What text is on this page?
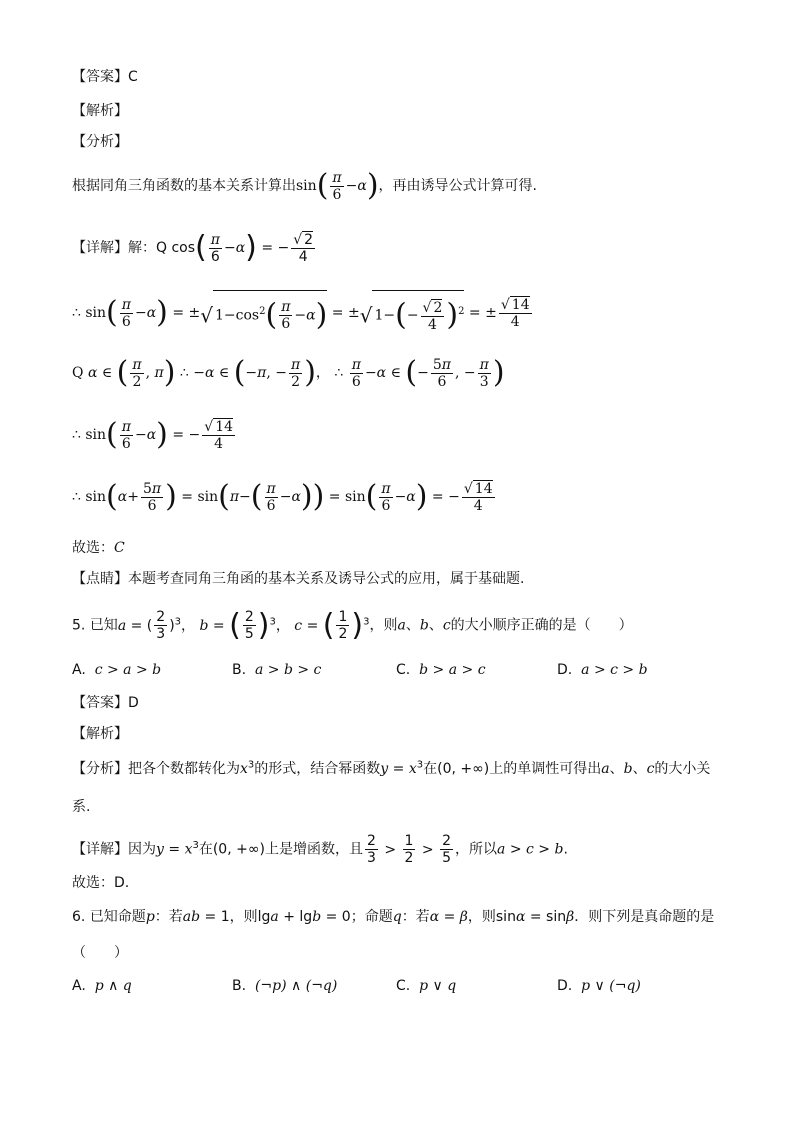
【答案】C
【解析】
【分析】
根据同角三角函数的基本关系计算出$\sin( \frac{\pi}{6} -\alpha)$，再由诱导公式计算可得.
【详解】解：Q $\cos( \frac{\pi}{6} -\alpha)$ = − $\frac{√ 2}{4}$
∴ $\sin( \frac{\pi}{6} -\alpha)$ = ±√ $1-\cos^2( \frac{\pi}{6} -\alpha)$ = ±√ $1-(- \frac{√ 2}{4} )^2$ = ± $\frac{√ 14}{4}$
Q α ∈ ( $\frac{\pi}{2}$ , π) ∴ −α ∈ (−π, − $\frac{\pi}{2}$ )， ∴ $\frac{\pi}{6} -\alpha$ ∈ (− $\frac{5\pi}{6}$ , − $\frac{\pi}{3}$ )
∴ $\sin( \frac{\pi}{6} -\alpha)$ = − $\frac{√ 14}{4}$
∴ $\sin(\alpha+ \frac{5\pi}{6}$ ) = $\sin(\pi-( \frac{\pi}{6} -\alpha)) = \sin( \frac{\pi}{6} -\alpha)$ = − $\frac{√ 14}{4}$
故选：C
【点睛】本题考查同角三角函的基本关系及诱导公式的应用，属于基础题.
5. 已知a = ( $\frac{2}{3} )^3$， b = ( $\frac{2}{5} )^3$， c = ( $\frac{1}{2} )^3$，则a、b、c的大小顺序正确的是（　　）
A. c > a > b	B. a > b > c	C. b > a > c	D. a > c > b
【答案】D
【解析】
【分析】把各个数都转化为$x^3$的形式，结合幂函数$y = x^3$在(0, +∞)上的单调性可得出a、b、c的大小关
系.
【详解】因为$y = x^3$在(0, +∞)上是增函数，且 $\frac{2}{3} > \frac{1}{2} > \frac{2}{5}$ ，所以a > c > b.
故选：D.
6. 已知命题p：若ab = 1，则lga + lgb = 0；命题q：若α = β，则sinα = sinβ．则下列是真命题的是
（　　）
A. p ∧ q	B. (¬p) ∧ (¬q)	C. p ∨ q	D. p ∨ (¬q)
